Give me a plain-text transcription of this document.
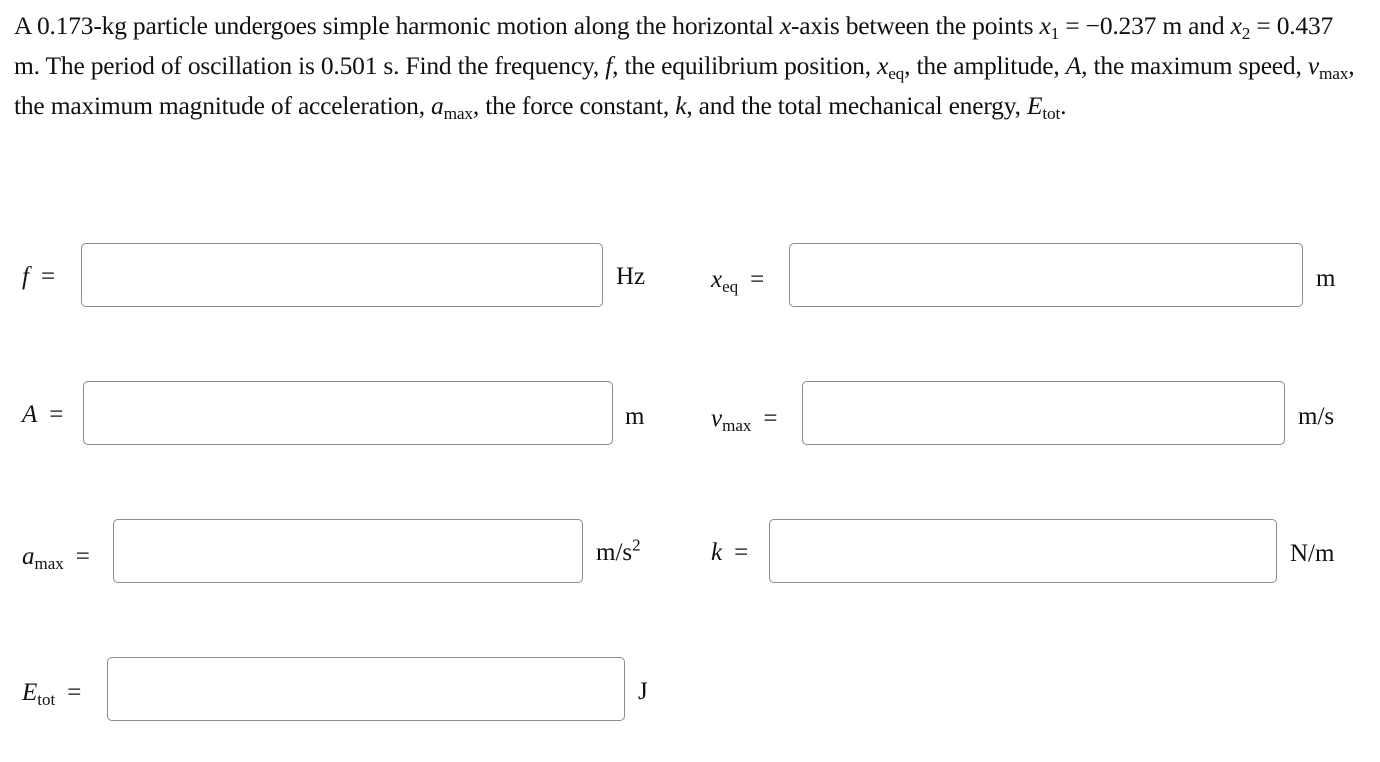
A 0.173-kg particle undergoes simple harmonic motion along the horizontal x-axis between the points $x_1 = -0.237$ m and $x_2 = 0.437$ m. The period of oscillation is 0.501 s. Find the frequency, f, the equilibrium position, $x_{eq}$, the amplitude, A, the maximum speed, $v_{max}$, the maximum magnitude of acceleration, $a_{max}$, the force constant, k, and the total mechanical energy, $E_{tot}$.
f =	Hz	$x_{eq}$ =	m
A =	m	$v_{max}$ =	m/s
$a_{max}$ =	$m/s^2$	k =	N/m
$E_{tot}$ =	J
